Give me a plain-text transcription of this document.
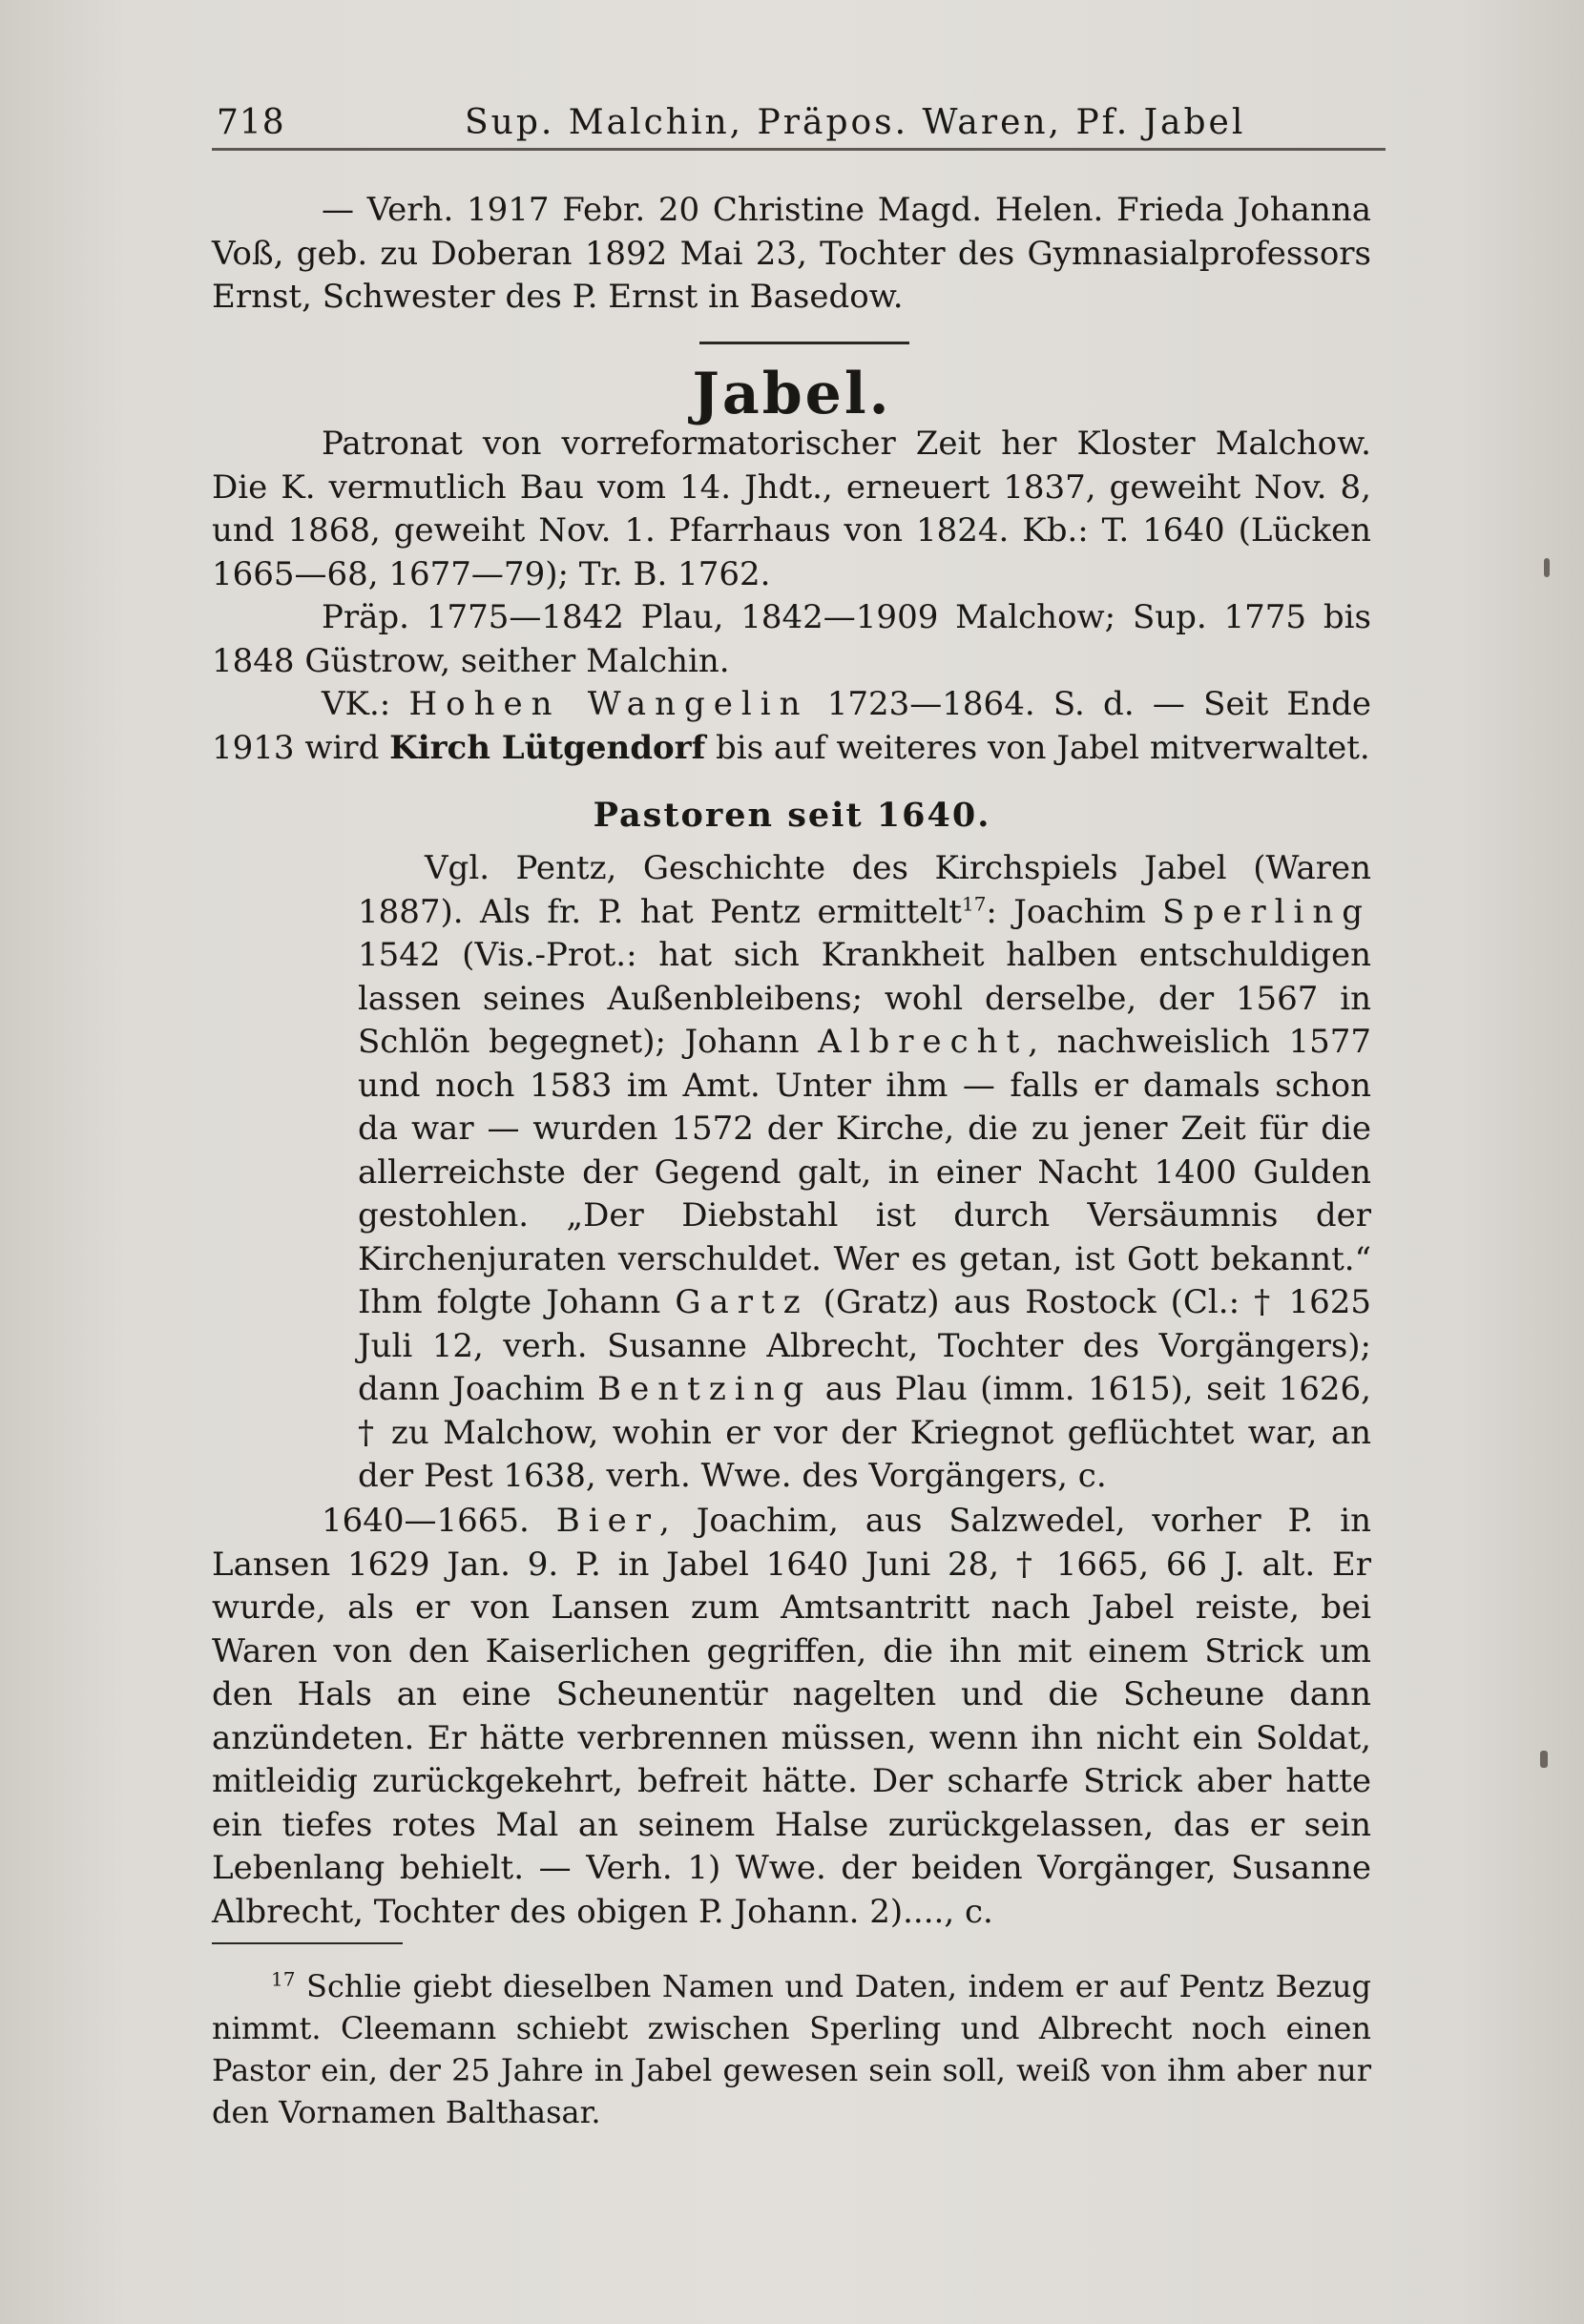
718	Sup. Malchin, Präpos. Waren, Pf. Jabel

— Verh. 1917 Febr. 20 Christine Magd. Helen. Frieda Johanna Voß, geb. zu Doberan 1892 Mai 23, Tochter des Gymnasialprofessors Ernst, Schwester des P. Ernst in Basedow.

Jabel.

Patronat von vorreformatorischer Zeit her Kloster Malchow. Die K. vermutlich Bau vom 14. Jhdt., erneuert 1837, geweiht Nov. 8, und 1868, geweiht Nov. 1. Pfarrhaus von 1824. Kb.: T. 1640 (Lücken 1665—68, 1677—79); Tr. B. 1762.

Präp. 1775—1842 Plau, 1842—1909 Malchow; Sup. 1775 bis 1848 Güstrow, seither Malchin.

VK.: Hohen Wangelin 1723—1864. S. d. — Seit Ende 1913 wird Kirch Lütgendorf bis auf weiteres von Jabel mitverwaltet.

Pastoren seit 1640.

Vgl. Pentz, Geschichte des Kirchspiels Jabel (Waren 1887). Als fr. P. hat Pentz ermittelt$^{17}$: Joachim Sperling 1542 (Vis.-Prot.: hat sich Krankheit halben entschuldigen lassen seines Außenbleibens; wohl derselbe, der 1567 in Schlön begegnet); Johann Albrecht, nachweislich 1577 und noch 1583 im Amt. Unter ihm — falls er damals schon da war — wurden 1572 der Kirche, die zu jener Zeit für die allerreichste der Gegend galt, in einer Nacht 1400 Gulden gestohlen. „Der Diebstahl ist durch Versäumnis der Kirchenjuraten verschuldet. Wer es getan, ist Gott bekannt.“ Ihm folgte Johann Gartz (Gratz) aus Rostock (Cl.: † 1625 Juli 12, verh. Susanne Albrecht, Tochter des Vorgängers); dann Joachim Bentzing aus Plau (imm. 1615), seit 1626, † zu Malchow, wohin er vor der Kriegnot geflüchtet war, an der Pest 1638, verh. Wwe. des Vorgängers, c.

1640—1665. Bier, Joachim, aus Salzwedel, vorher P. in Lansen 1629 Jan. 9. P. in Jabel 1640 Juni 28, † 1665, 66 J. alt. Er wurde, als er von Lansen zum Amtsantritt nach Jabel reiste, bei Waren von den Kaiserlichen gegriffen, die ihn mit einem Strick um den Hals an eine Scheunentür nagelten und die Scheune dann anzündeten. Er hätte verbrennen müssen, wenn ihn nicht ein Soldat, mitleidig zurückgekehrt, befreit hätte. Der scharfe Strick aber hatte ein tiefes rotes Mal an seinem Halse zurückgelassen, das er sein Lebenlang behielt. — Verh. 1) Wwe. der beiden Vorgänger, Susanne Albrecht, Tochter des obigen P. Johann. 2)...., c.

$^{17}$ Schlie giebt dieselben Namen und Daten, indem er auf Pentz Bezug nimmt. Cleemann schiebt zwischen Sperling und Albrecht noch einen Pastor ein, der 25 Jahre in Jabel gewesen sein soll, weiß von ihm aber nur den Vornamen Balthasar.
